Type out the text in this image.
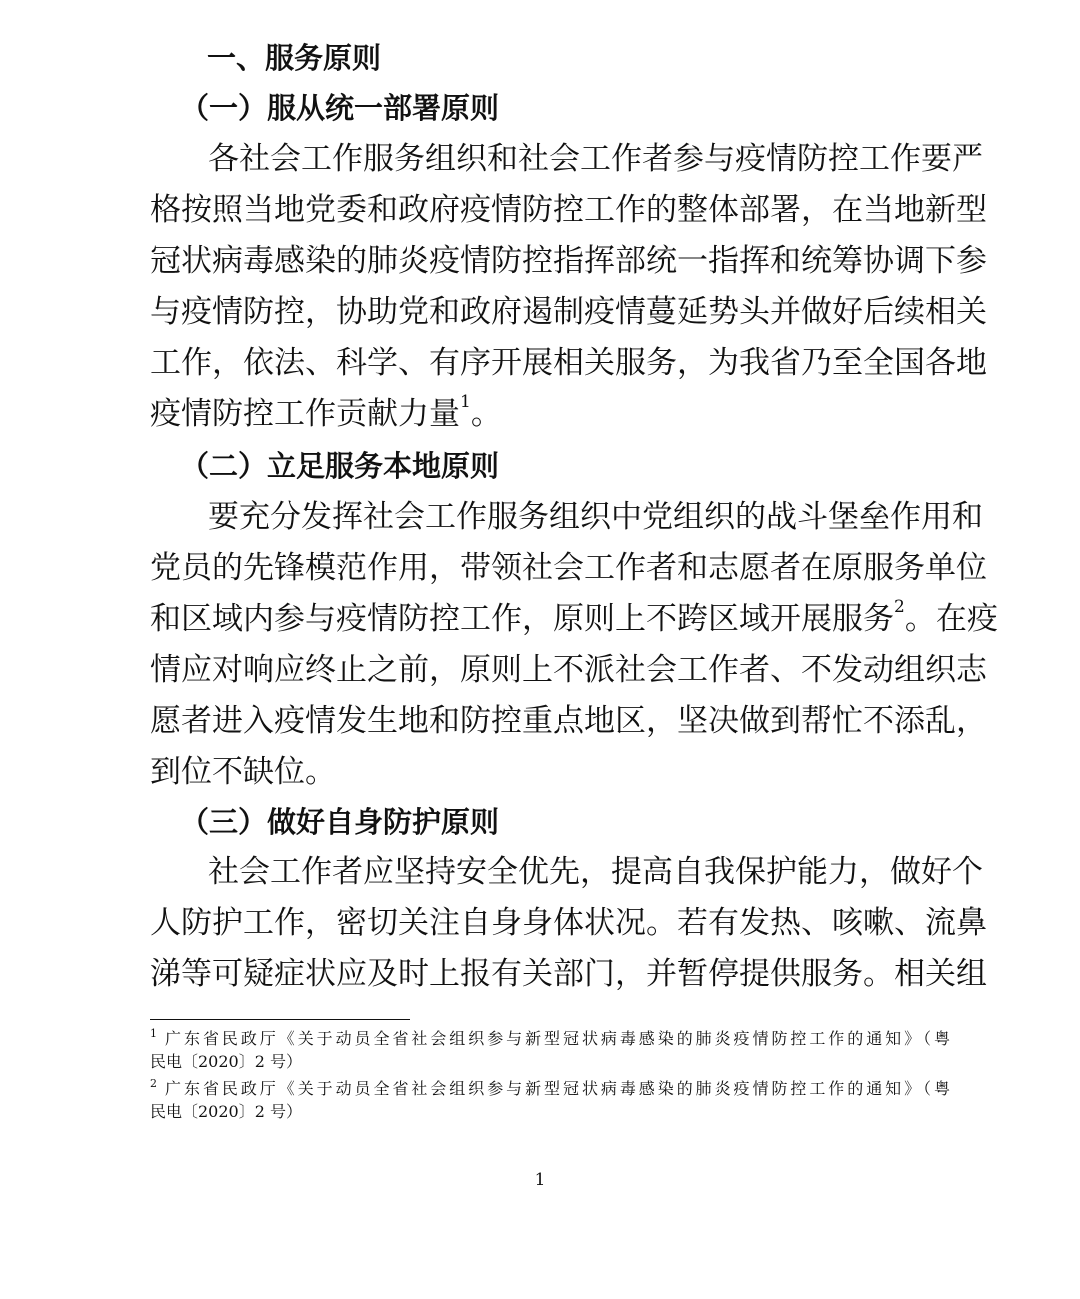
一、服务原则
（一）服从统一部署原则
各社会工作服务组织和社会工作者参与疫情防控工作要严
格按照当地党委和政府疫情防控工作的整体部署，在当地新型
冠状病毒感染的肺炎疫情防控指挥部统一指挥和统筹协调下参
与疫情防控，协助党和政府遏制疫情蔓延势头并做好后续相关
工作，依法、科学、有序开展相关服务，为我省乃至全国各地
疫情防控工作贡献力量$^1$。
（二）立足服务本地原则
要充分发挥社会工作服务组织中党组织的战斗堡垒作用和
党员的先锋模范作用，带领社会工作者和志愿者在原服务单位
和区域内参与疫情防控工作，原则上不跨区域开展服务$^2$。在疫
情应对响应终止之前，原则上不派社会工作者、不发动组织志
愿者进入疫情发生地和防控重点地区，坚决做到帮忙不添乱，
到位不缺位。
（三）做好自身防护原则
社会工作者应坚持安全优先，提高自我保护能力，做好个
人防护工作，密切关注自身身体状况。若有发热、咳嗽、流鼻
涕等可疑症状应及时上报有关部门，并暂停提供服务。相关组
$^1$ 广东省民政厅《关于动员全省社会组织参与新型冠状病毒感染的肺炎疫情防控工作的通知》（粤
民电〔2020〕2 号）
$^2$ 广东省民政厅《关于动员全省社会组织参与新型冠状病毒感染的肺炎疫情防控工作的通知》（粤
民电〔2020〕2 号）
1
